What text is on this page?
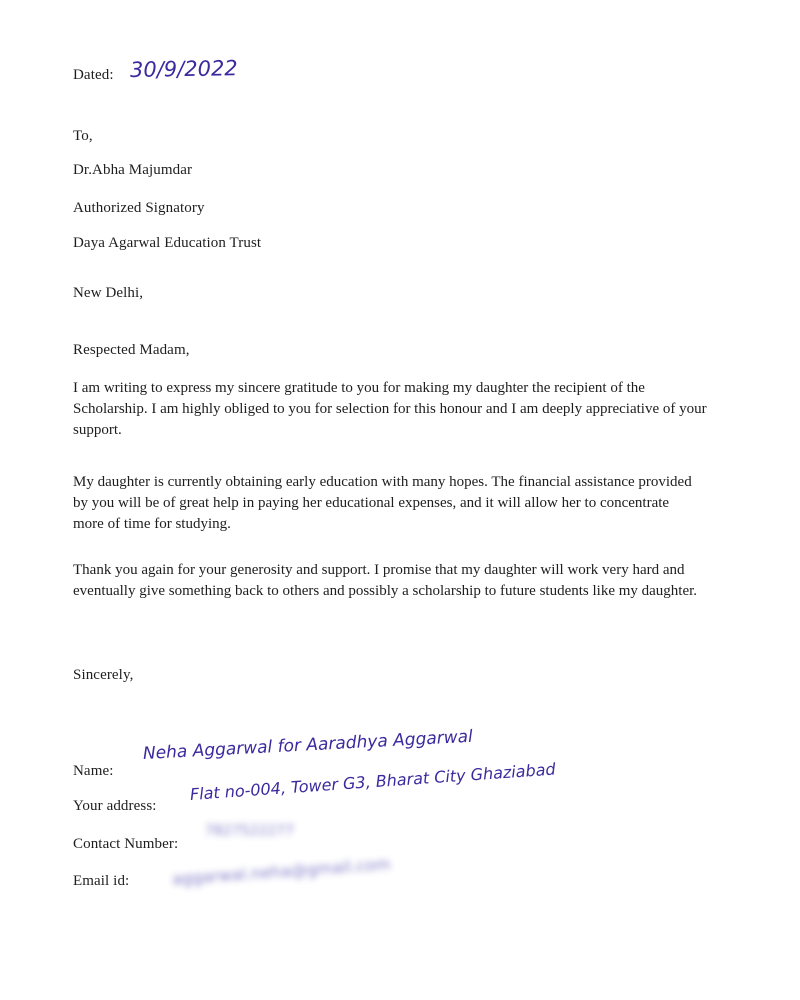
Dated: 30/9/2022
To,
Dr.Abha Majumdar
Authorized Signatory
Daya Agarwal Education Trust
New Delhi,
Respected Madam,
I am writing to express my sincere gratitude to you for making my daughter the recipient of the Scholarship. I am highly obliged to you for selection for this honour and I am deeply appreciative of your support.
My daughter is currently obtaining early education with many hopes. The financial assistance provided by you will be of great help in paying her educational expenses, and it will allow her to concentrate more of time for studying.
Thank you again for your generosity and support. I promise that my daughter will work very hard and eventually give something back to others and possibly a scholarship to future students like my daughter.
Sincerely,
Name:
Neha Aggarwal for Aaradhya Aggarwal
Your address:
Flat no-004, Tower G3, Bharat City Ghaziabad
Contact Number:
7827522277
Email id:	aggarwal.neha@gmail.com
